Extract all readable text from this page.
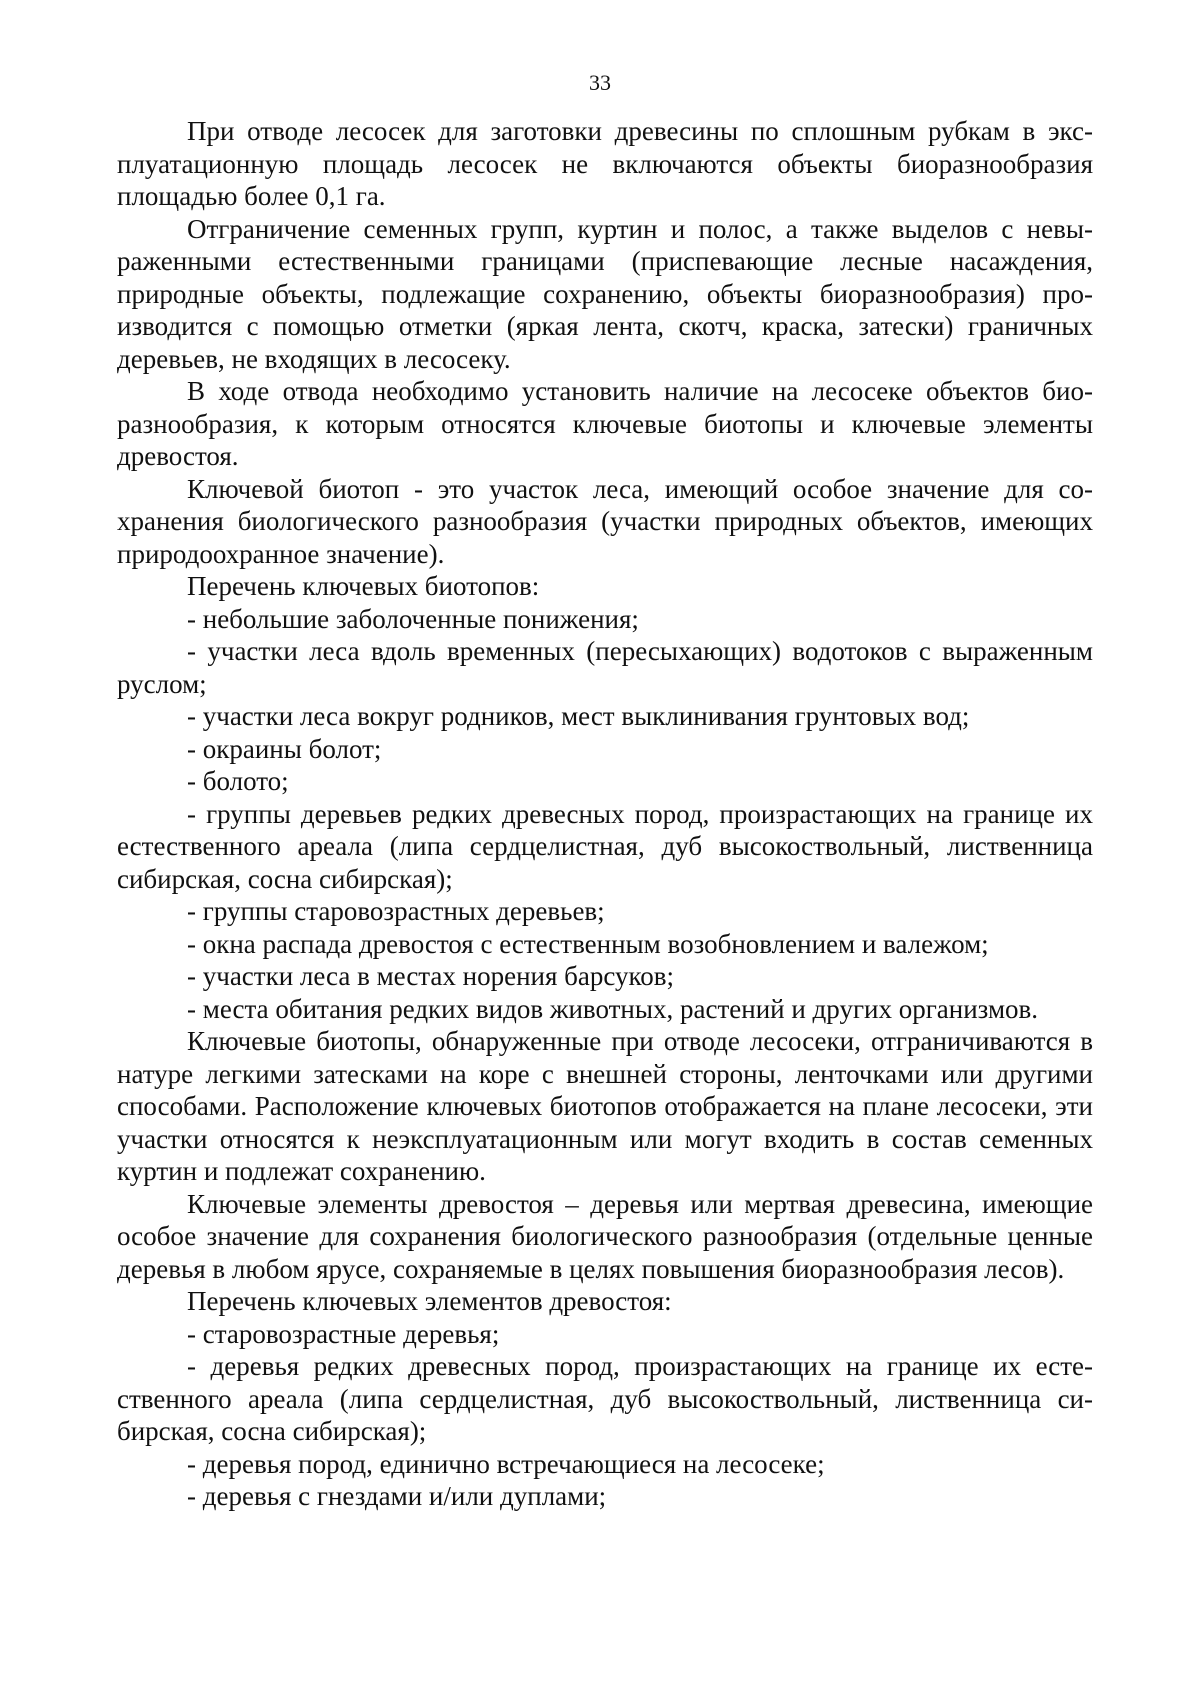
33

При отводе лесосек для заготовки древесины по сплошным рубкам в эксплуатационную площадь лесосек не включаются объекты биоразнообразия площадью более 0,1 га.

Отграничение семенных групп, куртин и полос, а также выделов с невыраженными естественными границами (приспевающие лесные насаждения, природные объекты, подлежащие сохранению, объекты биоразнообразия) производится с помощью отметки (яркая лента, скотч, краска, затески) граничных деревьев, не входящих в лесосеку.

В ходе отвода необходимо установить наличие на лесосеке объектов биоразнообразия, к которым относятся ключевые биотопы и ключевые элементы древостоя.

Ключевой биотоп - это участок леса, имеющий особое значение для сохранения биологического разнообразия (участки природных объектов, имеющих природоохранное значение).

Перечень ключевых биотопов:

- небольшие заболоченные понижения;

- участки леса вдоль временных (пересыхающих) водотоков с выраженным руслом;

- участки леса вокруг родников, мест выклинивания грунтовых вод;

- окраины болот;

- болото;

- группы деревьев редких древесных пород, произрастающих на границе их естественного ареала (липа сердцелистная, дуб высокоствольный, лиственница сибирская, сосна сибирская);

- группы старовозрастных деревьев;

- окна распада древостоя с естественным возобновлением и валежом;

- участки леса в местах норения барсуков;

- места обитания редких видов животных, растений и других организмов.

Ключевые биотопы, обнаруженные при отводе лесосеки, отграничиваются в натуре легкими затесками на коре с внешней стороны, ленточками или другими способами. Расположение ключевых биотопов отображается на плане лесосеки, эти участки относятся к неэксплуатационным или могут входить в состав семенных куртин и подлежат сохранению.

Ключевые элементы древостоя – деревья или мертвая древесина, имеющие особое значение для сохранения биологического разнообразия (отдельные ценные деревья в любом ярусе, сохраняемые в целях повышения биоразнообразия лесов).

Перечень ключевых элементов древостоя:

- старовозрастные деревья;

- деревья редких древесных пород, произрастающих на границе их естественного ареала (липа сердцелистная, дуб высокоствольный, лиственница сибирская, сосна сибирская);

- деревья пород, единично встречающиеся на лесосеке;

- деревья с гнездами и/или дуплами;
